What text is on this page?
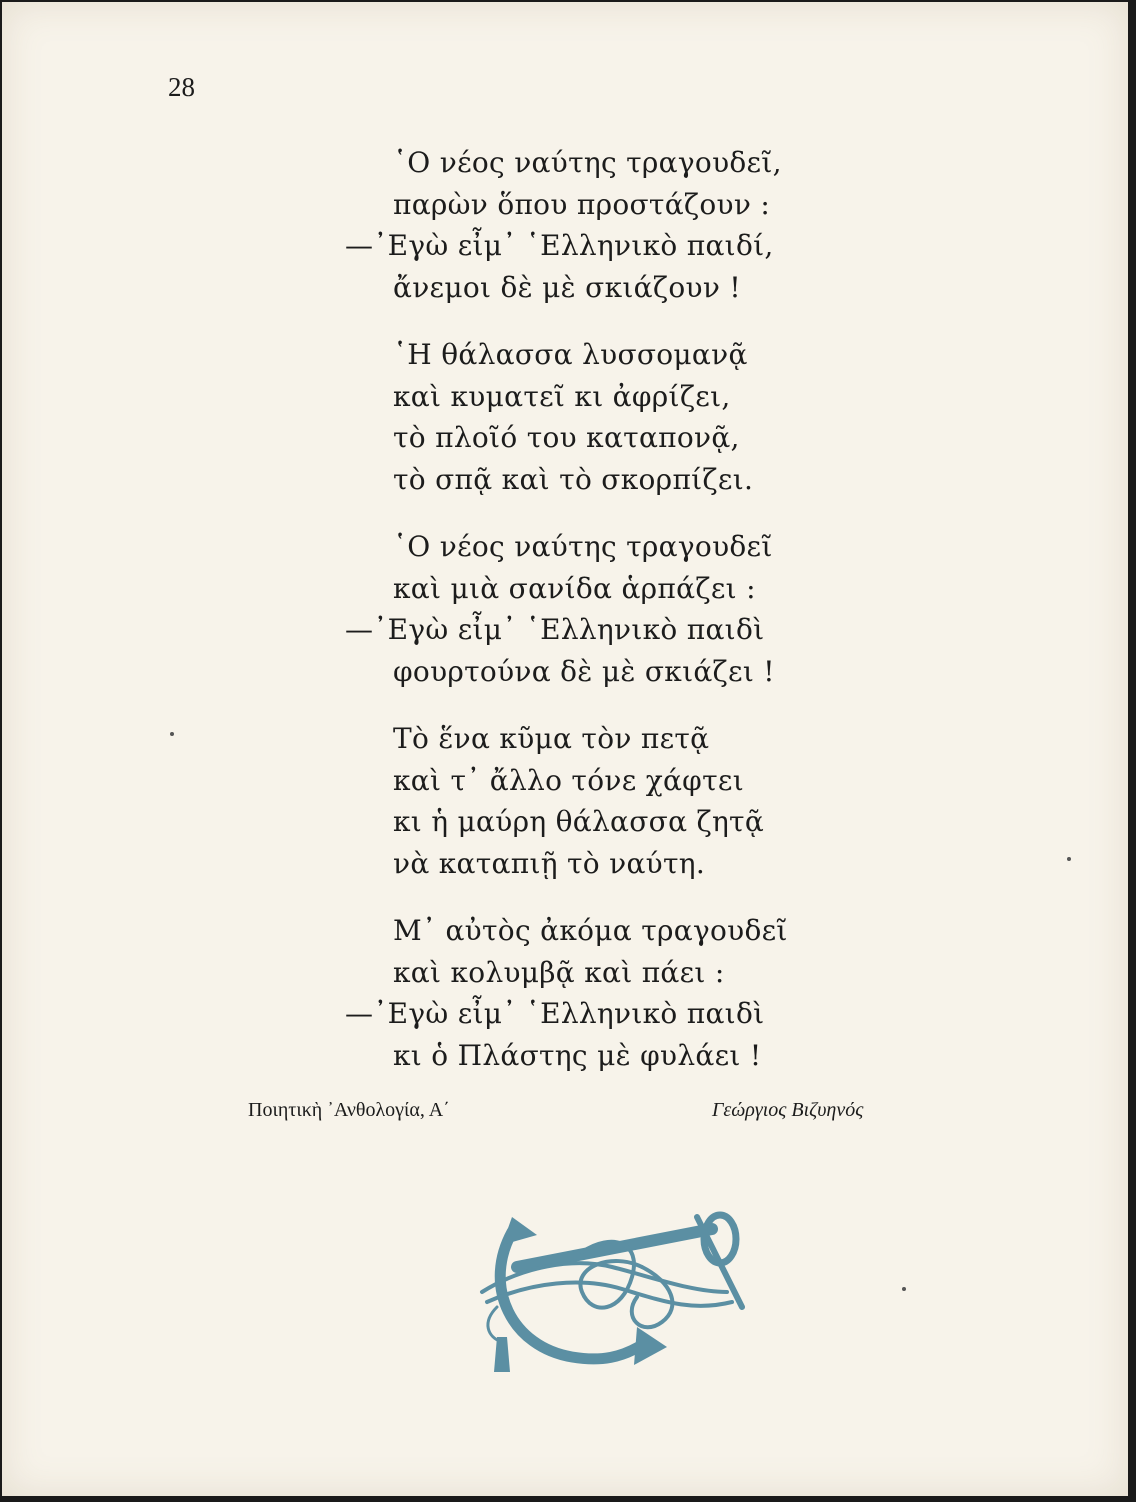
28
῾Ο νέος ναύτης τραγουδεῖ,
παρὼν ὅπου προστάζουν :
—᾿Εγὼ εἶμ᾿ ῾Ελληνικὸ παιδί,
ἄνεμοι δὲ μὲ σκιάζουν !
῾Η θάλασσα λυσσομανᾷ
καὶ κυματεῖ κι ἀφρίζει,
τὸ πλοῖό του καταπονᾷ,
τὸ σπᾷ καὶ τὸ σκορπίζει.
῾Ο νέος ναύτης τραγουδεῖ
καὶ μιὰ σανίδα ἁρπάζει :
—᾿Εγὼ εἶμ᾿ ῾Ελληνικὸ παιδὶ
φουρτούνα δὲ μὲ σκιάζει !
Τὸ ἕνα κῦμα τὸν πετᾷ
καὶ τ᾿ ἄλλο τόνε χάφτει
κι ἡ μαύρη θάλασσα ζητᾷ
νὰ καταπιῇ τὸ ναύτη.
Μ᾿ αὐτὸς ἀκόμα τραγουδεῖ
καὶ κολυμβᾷ καὶ πάει :
—᾿Εγὼ εἶμ᾿ ῾Ελληνικὸ παιδὶ
κι ὁ Πλάστης μὲ φυλάει !
Ποιητικὴ ᾿Ανθολογία, Α΄	Γεώργιος Βιζυηνός
